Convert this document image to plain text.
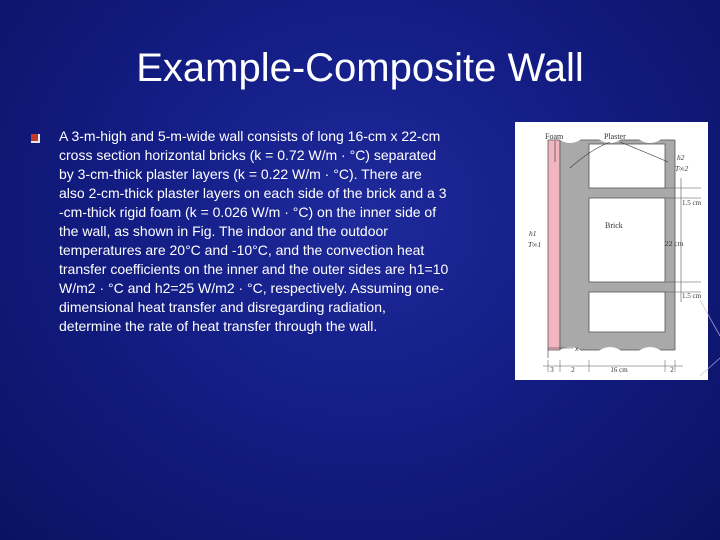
Example-Composite Wall
A 3-m-high and 5-m-wide wall consists of long 16-cm x 22-cm
cross section horizontal bricks (k = 0.72 W/m · °C) separated
by 3-cm-thick plaster layers (k = 0.22 W/m · °C). There are
also 2-cm-thick plaster layers on each side of the brick and a 3
-cm-thick rigid foam (k = 0.026 W/m · °C) on the inner side of
the wall, as shown in Fig. The indoor and the outdoor
temperatures are 20°C and -10°C, and the convection heat
transfer coefficients on the inner and the outer sides are h1=10
W/m2 · °C and h2=25 W/m2 · °C, respectively. Assuming one-
dimensional heat transfer and disregarding radiation,
determine the rate of heat transfer through the wall.
Foam	Plaster
Brick
h2
T∞2
h1
T∞1
1.5 cm
22 cm
1.5 cm
x
3	2	16 cm	2
